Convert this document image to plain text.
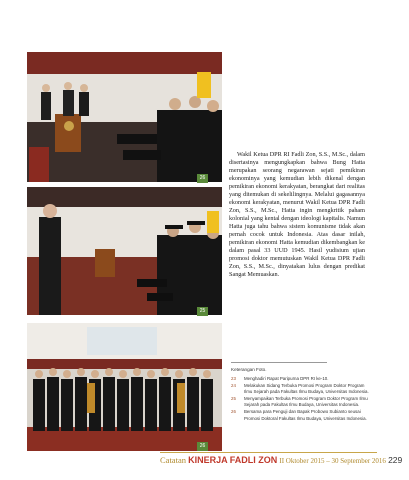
26
25
26

Wakil Ketua DPR RI Fadli Zon, S.S., M.Sc., dalam disertasinya mengungkapkan bahwa Bung Hatta merupakan seorang negarawan sejati pemikiran ekonominya yang kemudian lebih dikenal dengan pemikiran ekonomi kerakyatan, berangkat dari realitas yang ditemukan di sekelilingnya. Melalui gagasannya ekonomi kerakyatan, menurut Wakil Ketua DPR Fadli Zon, S.S., M.Sc., Hatta ingin mengkritik paham kolonial yang kental dengan ideologi kapitalis. Namun Hatta juga tahu bahwa sistem komunisme tidak akan pernah cocok untuk Indonesia. Atas dasar inilah, pemikiran ekonomi Hatta kemudian dikembangkan ke dalam pasal 33 UUD 1945. Hasil yudisium ujian promosi doktor memutuskan Wakil Ketua DPR Fadli Zon, S.S., M.Sc., dinyatakan lulus dengan predikat Sangat Memuaskan.

Keterangan Foto.
23	Menghadiri Rapat Paripurna DPR RI ke-10.
24	Melakukan Sidang Terbuka Promosi Program Doktor Program Ilmu Sejarah pada Fakultas Ilmu Budaya, Universitas Indonesia.
25	Menyampaikan Terbuka Promosi Program Doktor Program Ilmu Sejarah pada Fakultas Ilmu Budaya, Universitas Indonesia.
26	Bersama para Penguji dan Bapak Probowo Subianto seusai Promosi Doktoral Fakultas Ilmu Budaya, Universitas Indonesia.
Catatan KINERJA FADLI ZON II Oktober 2015 – 30 September 2016 229
